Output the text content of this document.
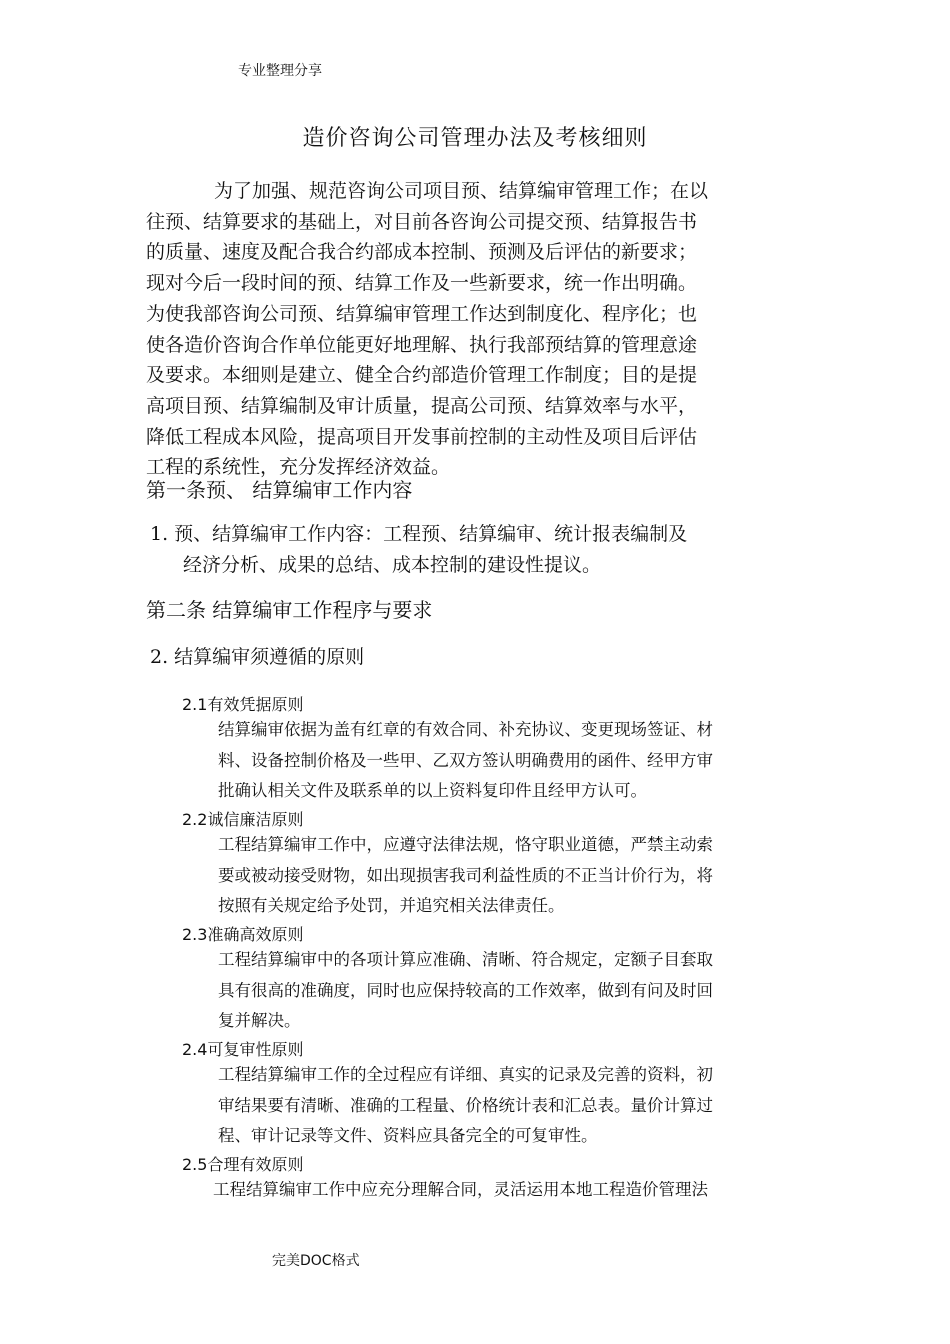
专业整理分享
造价咨询公司管理办法及考核细则

为了加强、规范咨询公司项目预、结算编审管理工作；在以

往预、结算要求的基础上，对目前各咨询公司提交预、结算报告书

的质量、速度及配合我合约部成本控制、预测及后评估的新要求；

现对今后一段时间的预、结算工作及一些新要求，统一作出明确。

为使我部咨询公司预、结算编审管理工作达到制度化、程序化；也

使各造价咨询合作单位能更好地理解、执行我部预结算的管理意途

及要求。本细则是建立、健全合约部造价管理工作制度；目的是提

高项目预、结算编制及审计质量，提高公司预、结算效率与水平，

降低工程成本风险，提高项目开发事前控制的主动性及项目后评估

工程的系统性，充分发挥经济效益。

第一条预、 结算编审工作内容
1. 预、结算编审工作内容：工程预、结算编审、统计报表编制及
经济分析、成果的总结、成本控制的建设性提议。
第二条 结算编审工作程序与要求
2. 结算编审须遵循的原则
2.1有效凭据原则

结算编审依据为盖有红章的有效合同、补充协议、变更现场签证、材

料、设备控制价格及一些甲、乙双方签认明确费用的函件、经甲方审

批确认相关文件及联系单的以上资料复印件且经甲方认可。

2.2诚信廉洁原则

工程结算编审工作中，应遵守法律法规，恪守职业道德，严禁主动索

要或被动接受财物，如出现损害我司利益性质的不正当计价行为，将

按照有关规定给予处罚，并追究相关法律责任。

2.3准确高效原则

工程结算编审中的各项计算应准确、清晰、符合规定，定额子目套取

具有很高的准确度，同时也应保持较高的工作效率，做到有问及时回

复并解决。

2.4可复审性原则

工程结算编审工作的全过程应有详细、真实的记录及完善的资料，初

审结果要有清晰、准确的工程量、价格统计表和汇总表。量价计算过

程、审计记录等文件、资料应具备完全的可复审性。

2.5合理有效原则

工程结算编审工作中应充分理解合同，灵活运用本地工程造价管理法

完美DOC格式
